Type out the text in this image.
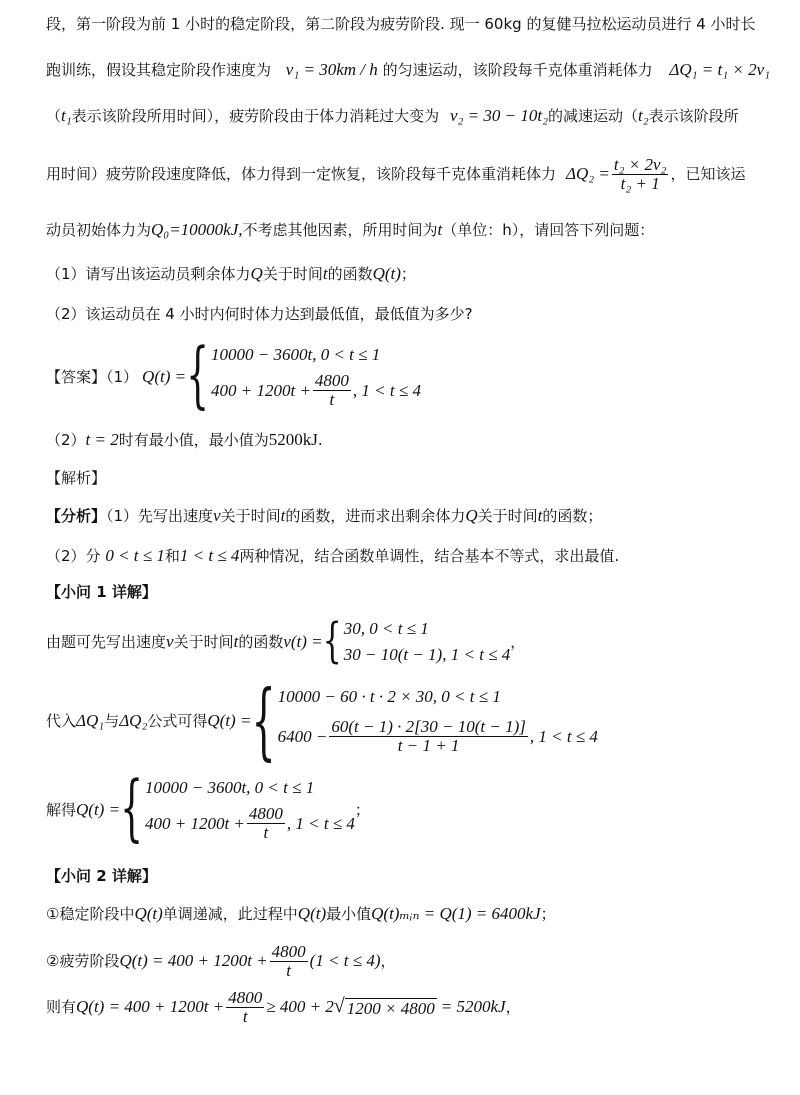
段，第一阶段为前 1 小时的稳定阶段，第二阶段为疲劳阶段. 现一 60kg 的复健马拉松运动员进行 4 小时长
跑训练，假设其稳定阶段作速度为 v₁ = 30km / h 的匀速运动，该阶段每千克体重消耗体力 ΔQ₁ = t₁ × 2v₁
（t₁表示该阶段所用时间），疲劳阶段由于体力消耗过大变为 v₂ = 30 − 10t₂的减速运动（t₂表示该阶段所
用时间）疲劳阶段速度降低，体力得到一定恢复，该阶段每千克体重消耗体力 $\Delta Q_2 = \frac{\text{t₂ × 2v₂}}{\text{t₂ + 1}}$ ，已知该运
动员初始体力为Q₀=10000kJ,不考虑其他因素，所用时间为t（单位：h），请回答下列问题：
（1）请写出该运动员剩余体力Q关于时间t的函数Q(t)；
（2）该运动员在 4 小时内何时体力达到最低值，最低值为多少?
【答案】（1） Q(t) = { 10000 − 3600t, 0 < t ≤ 1
$400 + 1200t + \frac{4800}{t}$ , 1 < t ≤ 4
（2）t = 2时有最小值，最小值为5200kJ.
【解析】
【分析】（1）先写出速度v关于时间t的函数，进而求出剩余体力Q关于时间t的函数；
（2）分 0 < t ≤ 1和1 < t ≤ 4两种情况，结合函数单调性，结合基本不等式，求出最值.
【小问 1 详解】
由题可先写出速度 v 关于时间 t 的函数 v(t) = { 30, 0 < t ≤ 1
30 − 10(t − 1), 1 < t ≤ 4
，
代入 ΔQ₁ 与 ΔQ₂ 公式可得 Q(t) = { 10000 − 60 · t · 2 × 30, 0 < t ≤ 1
$6400 - \frac{60(t - 1) \cdot 2[30 - 10(t - 1)]}{t - 1 + 1}$ , 1 < t ≤ 4
解得 Q(t) = { 10000 − 3600t, 0 < t ≤ 1
$400 + 1200t + \frac{4800}{t}$ , 1 < t ≤ 4
；
【小问 2 详解】
①稳定阶段中Q(t)单调递减，此过程中Q(t)最小值Q(t)ₘᵢₙ = Q(1) = 6400kJ；
②疲劳阶段 $Q(t) = 400 + 1200t + \frac{4800}{t} (1 < t \le 4)$ ，
则有 $Q(t) = 400 + 1200t + \frac{4800}{t} \ge 400 + 2$ √ 1200 × 4800 = 5200kJ ，
